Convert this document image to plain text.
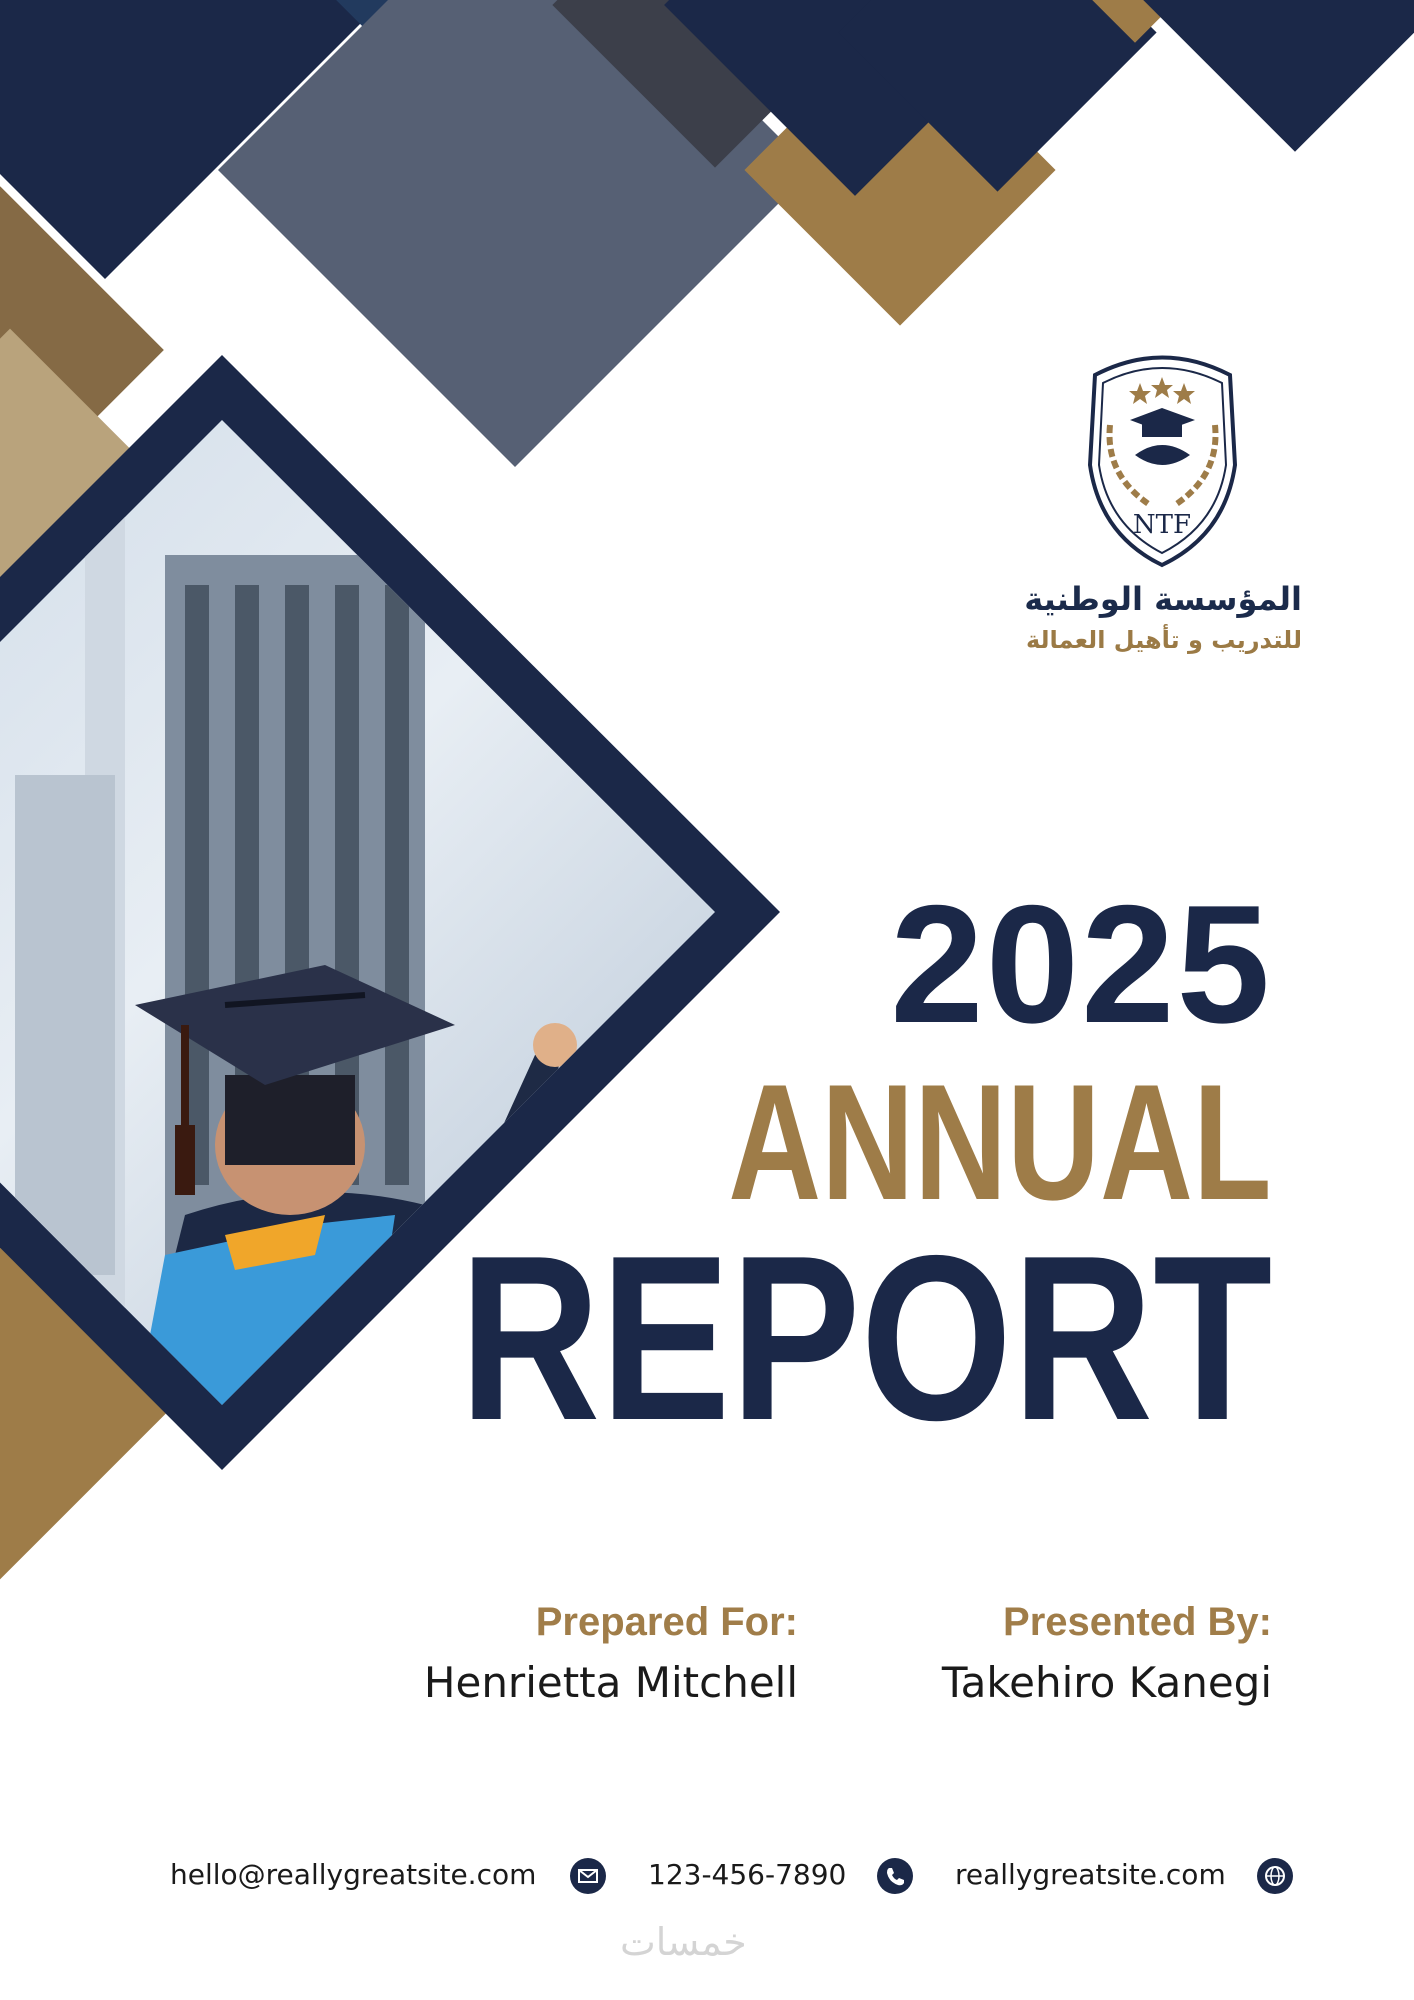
NTF
المؤسسة الوطنية
للتدريب و تأهيل العمالة
2025
ANNUAL
REPORT
Prepared For:
Henrietta Mitchell
Presented By:
Takehiro Kanegi
hello@reallygreatsite.com	123-456-7890	reallygreatsite.com
خمسات
